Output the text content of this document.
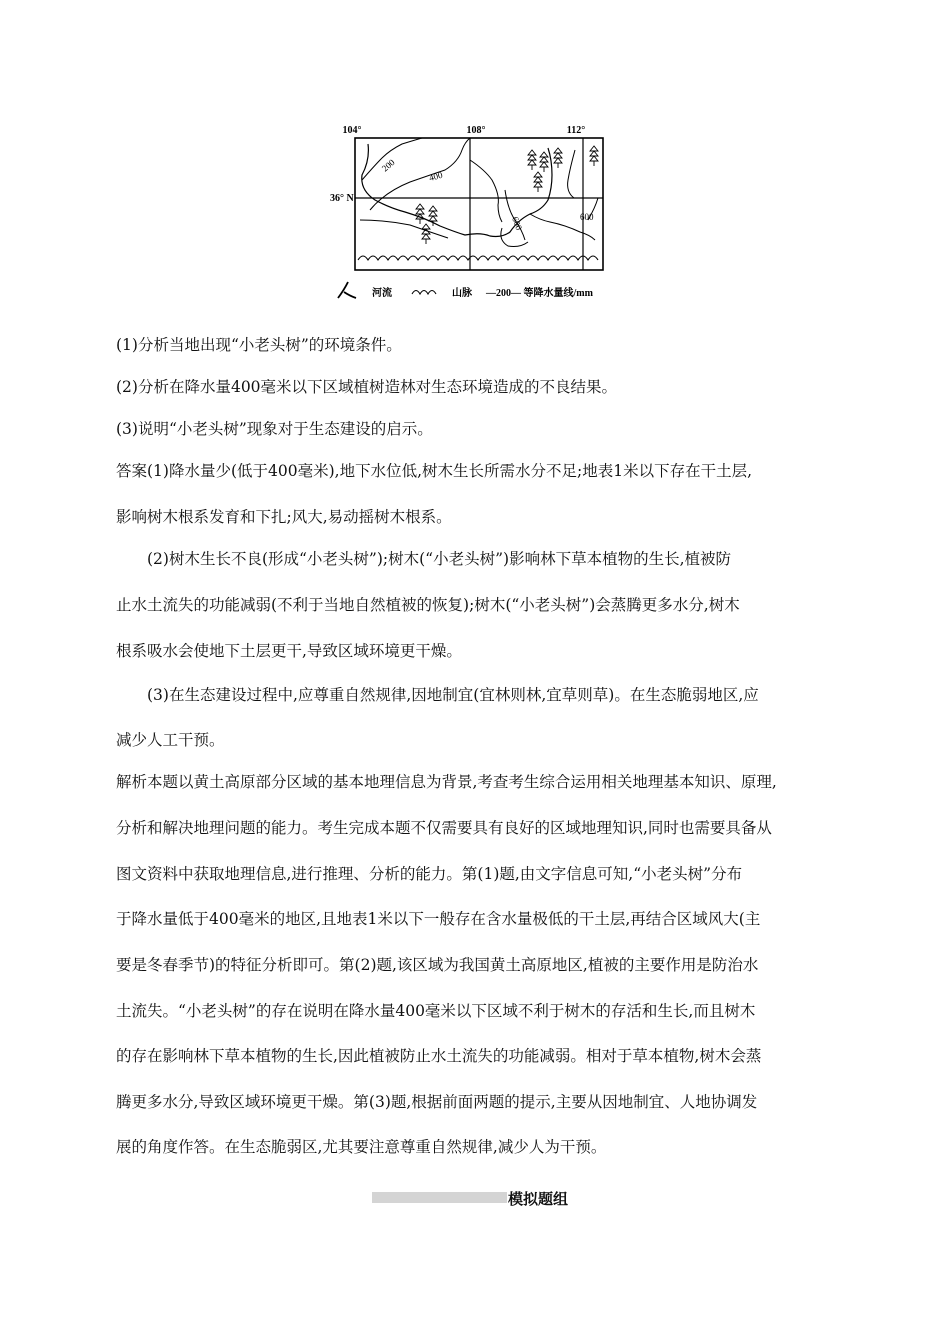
104°	108°	112°
36° N
200
400
600	600
河流	山脉 —200— 等降水量线/mm
(1)分析当地出现“小老头树”的环境条件。
(2)分析在降水量400毫米以下区域植树造林对生态环境造成的不良结果。
(3)说明“小老头树”现象对于生态建设的启示。
答案(1)降水量少(低于400毫米),地下水位低,树木生长所需水分不足;地表1米以下存在干土层,
影响树木根系发育和下扎;风大,易动摇树木根系。
(2)树木生长不良(形成“小老头树”);树木(“小老头树”)影响林下草本植物的生长,植被防
止水土流失的功能减弱(不利于当地自然植被的恢复);树木(“小老头树”)会蒸腾更多水分,树木
根系吸水会使地下土层更干,导致区域环境更干燥。
(3)在生态建设过程中,应尊重自然规律,因地制宜(宜林则林,宜草则草)。在生态脆弱地区,应
减少人工干预。
解析本题以黄土高原部分区域的基本地理信息为背景,考查考生综合运用相关地理基本知识、原理,
分析和解决地理问题的能力。考生完成本题不仅需要具有良好的区域地理知识,同时也需要具备从
图文资料中获取地理信息,进行推理、分析的能力。第(1)题,由文字信息可知,“小老头树”分布
于降水量低于400毫米的地区,且地表1米以下一般存在含水量极低的干土层,再结合区域风大(主
要是冬春季节)的特征分析即可。第(2)题,该区域为我国黄土高原地区,植被的主要作用是防治水
土流失。“小老头树”的存在说明在降水量400毫米以下区域不利于树木的存活和生长,而且树木
的存在影响林下草本植物的生长,因此植被防止水土流失的功能减弱。相对于草本植物,树木会蒸
腾更多水分,导致区域环境更干燥。第(3)题,根据前面两题的提示,主要从因地制宜、人地协调发
展的角度作答。在生态脆弱区,尤其要注意尊重自然规律,减少人为干预。
模拟题组
